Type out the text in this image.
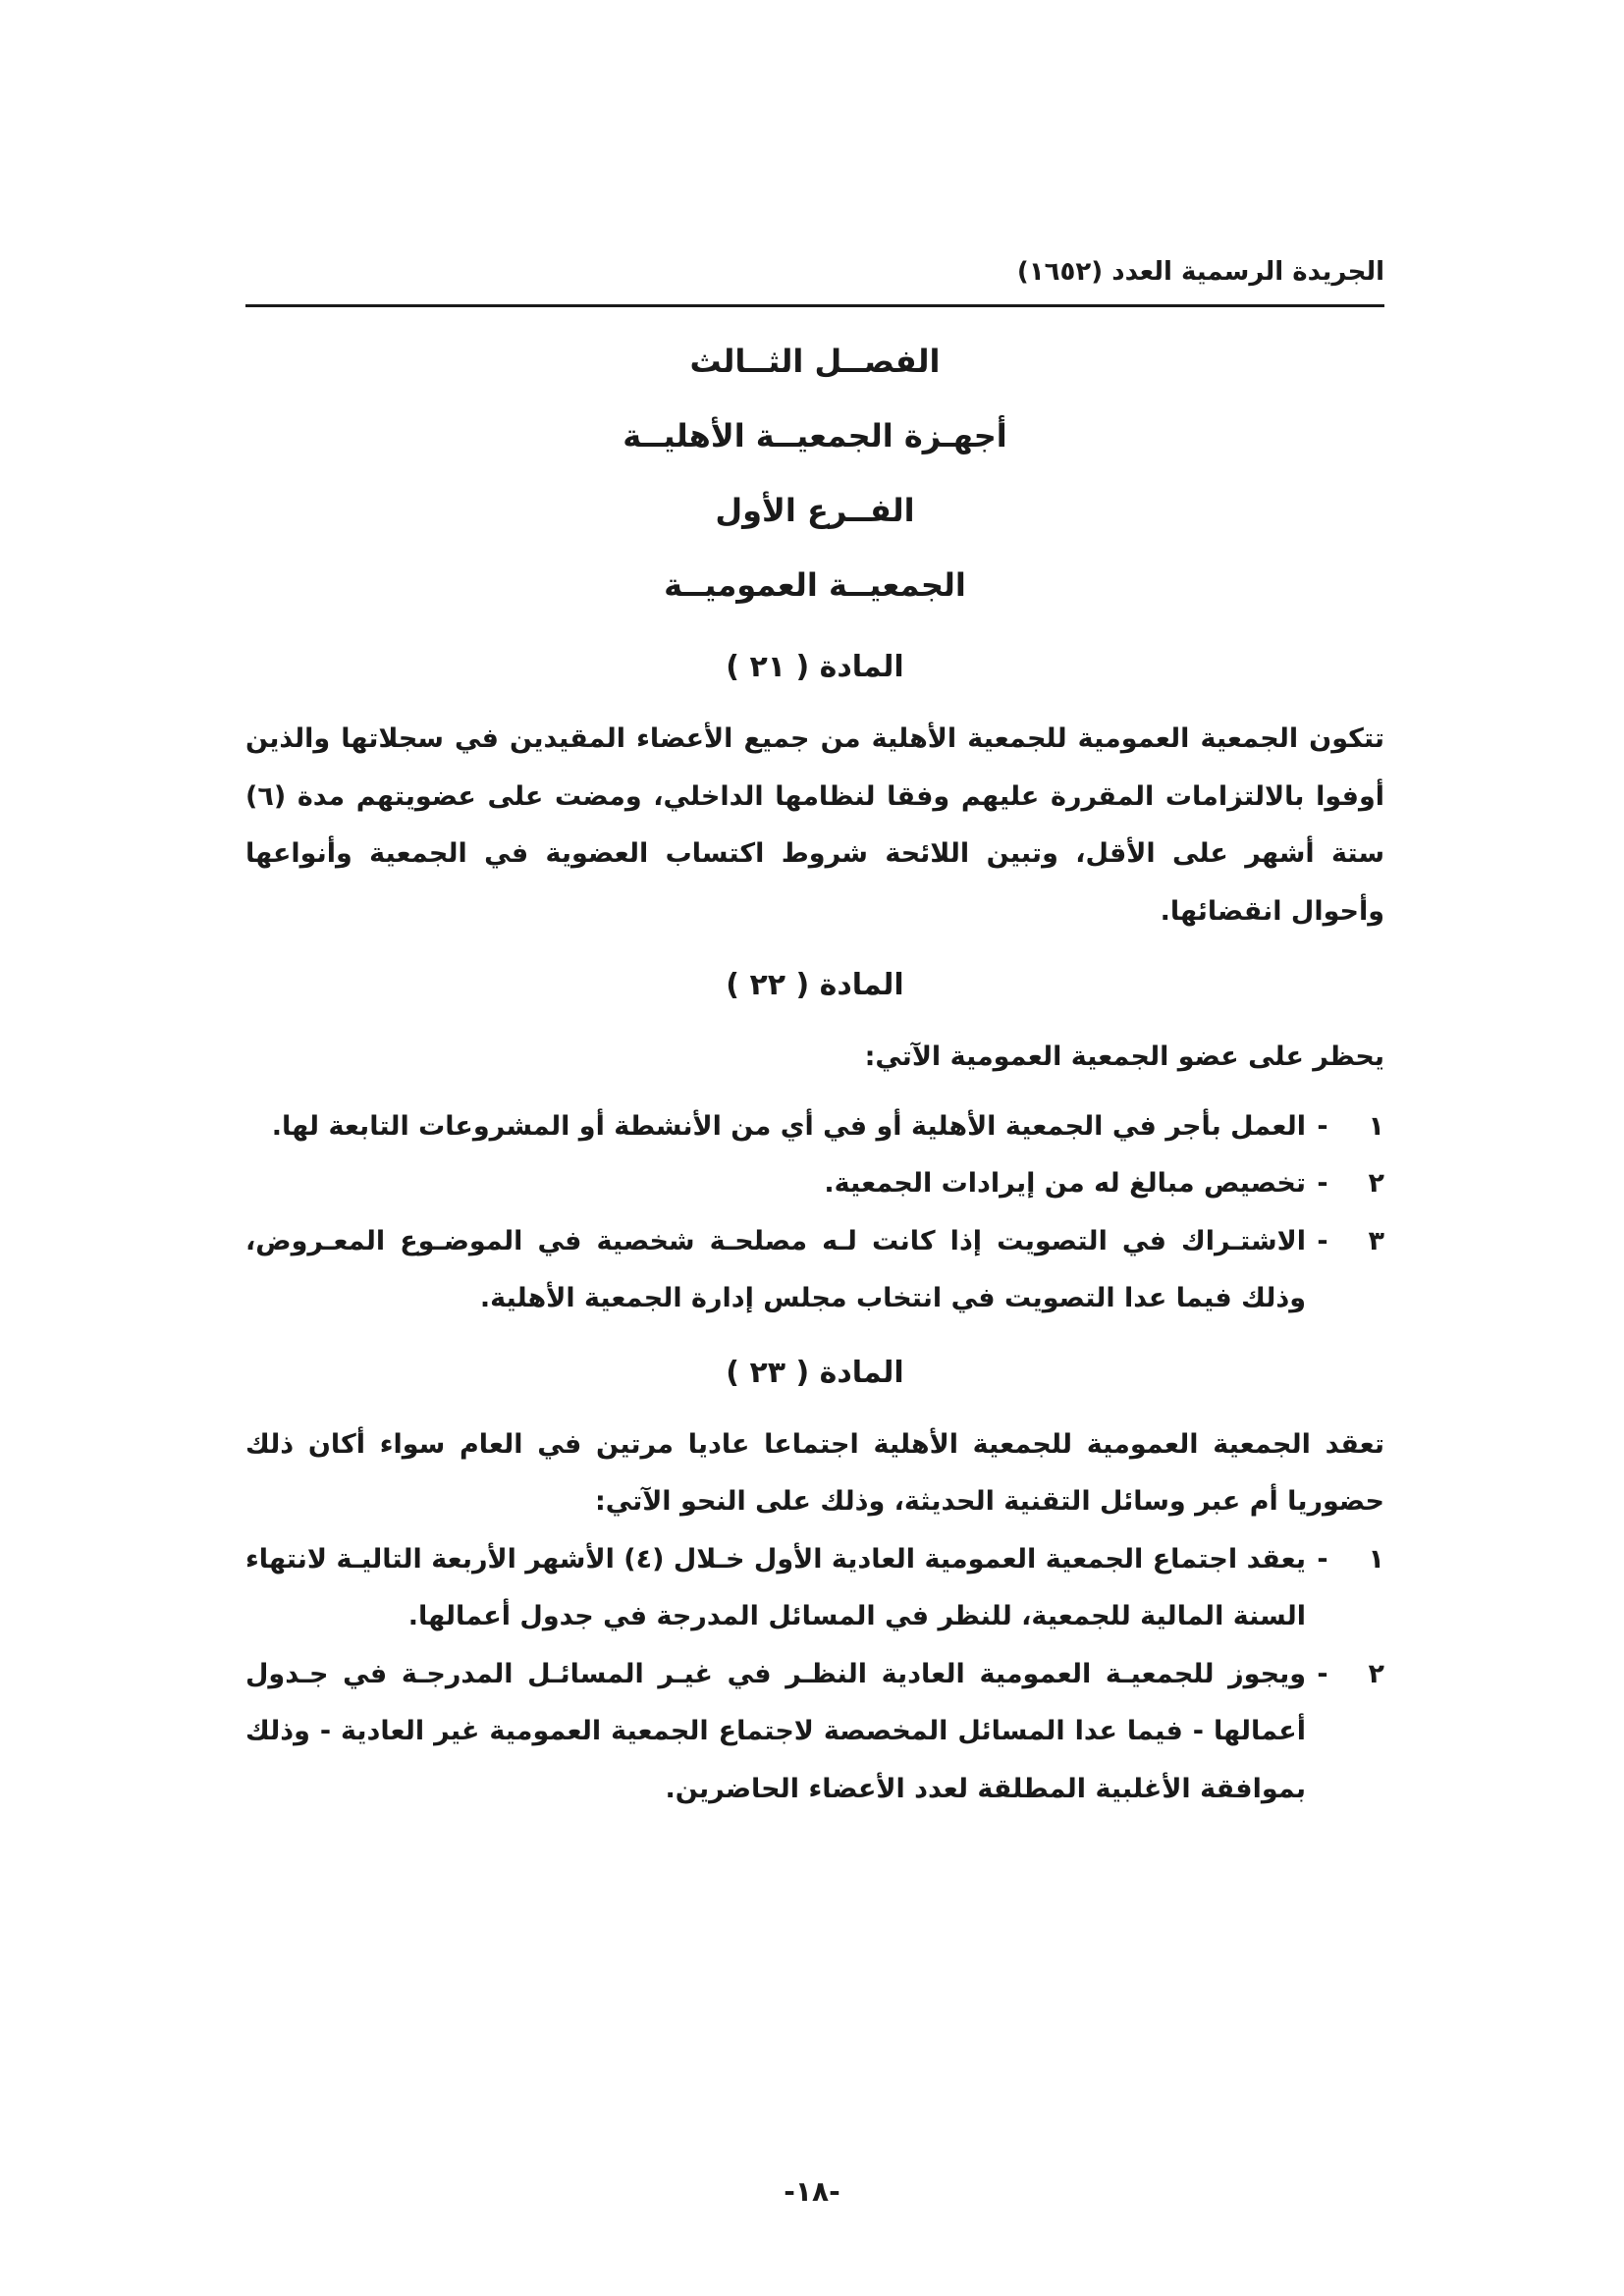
الجريدة الرسمية العدد (١٦٥٢)

الفصــل الثــالث

أجهـزة الجمعيــة الأهليــة

الفــرع الأول

الجمعيــة العموميــة

المادة ( ٢١ )

تتكون الجمعية العمومية للجمعية الأهلية من جميع الأعضاء المقيدين في سجلاتها والذين أوفوا بالالتزامات المقررة عليهم وفقا لنظامها الداخلي، ومضت على عضويتهم مدة (٦) ستة أشهر على الأقل، وتبين اللائحة شروط اكتساب العضوية في الجمعية وأنواعها وأحوال انقضائها.

المادة ( ٢٢ )

يحظر على عضو الجمعية العمومية الآتي:

١
-
العمل بأجر في الجمعية الأهلية أو في أي من الأنشطة أو المشروعات التابعة لها.
٢
-
تخصيص مبالغ له من إيرادات الجمعية.
٣
-
الاشتـراك في التصويت إذا كانت لـه مصلحـة شخصية في الموضـوع المعـروض، وذلك فيما عدا التصويت في انتخاب مجلس إدارة الجمعية الأهلية.

المادة ( ٢٣ )

تعقد الجمعية العمومية للجمعية الأهلية اجتماعا عاديا مرتين في العام سواء أكان ذلك حضوريا أم عبر وسائل التقنية الحديثة، وذلك على النحو الآتي:

١
-
يعقد اجتماع الجمعية العمومية العادية الأول خـلال (٤) الأشهر الأربعة التاليـة لانتهاء السنة المالية للجمعية، للنظر في المسائل المدرجة في جدول أعمالها.
٢
-
ويجوز للجمعيـة العمومية العادية النظـر في غيـر المسائـل المدرجـة في جـدول أعمالها - فيما عدا المسائل المخصصة لاجتماع الجمعية العمومية غير العادية - وذلك بموافقة الأغلبية المطلقة لعدد الأعضاء الحاضرين.
-١٨-
